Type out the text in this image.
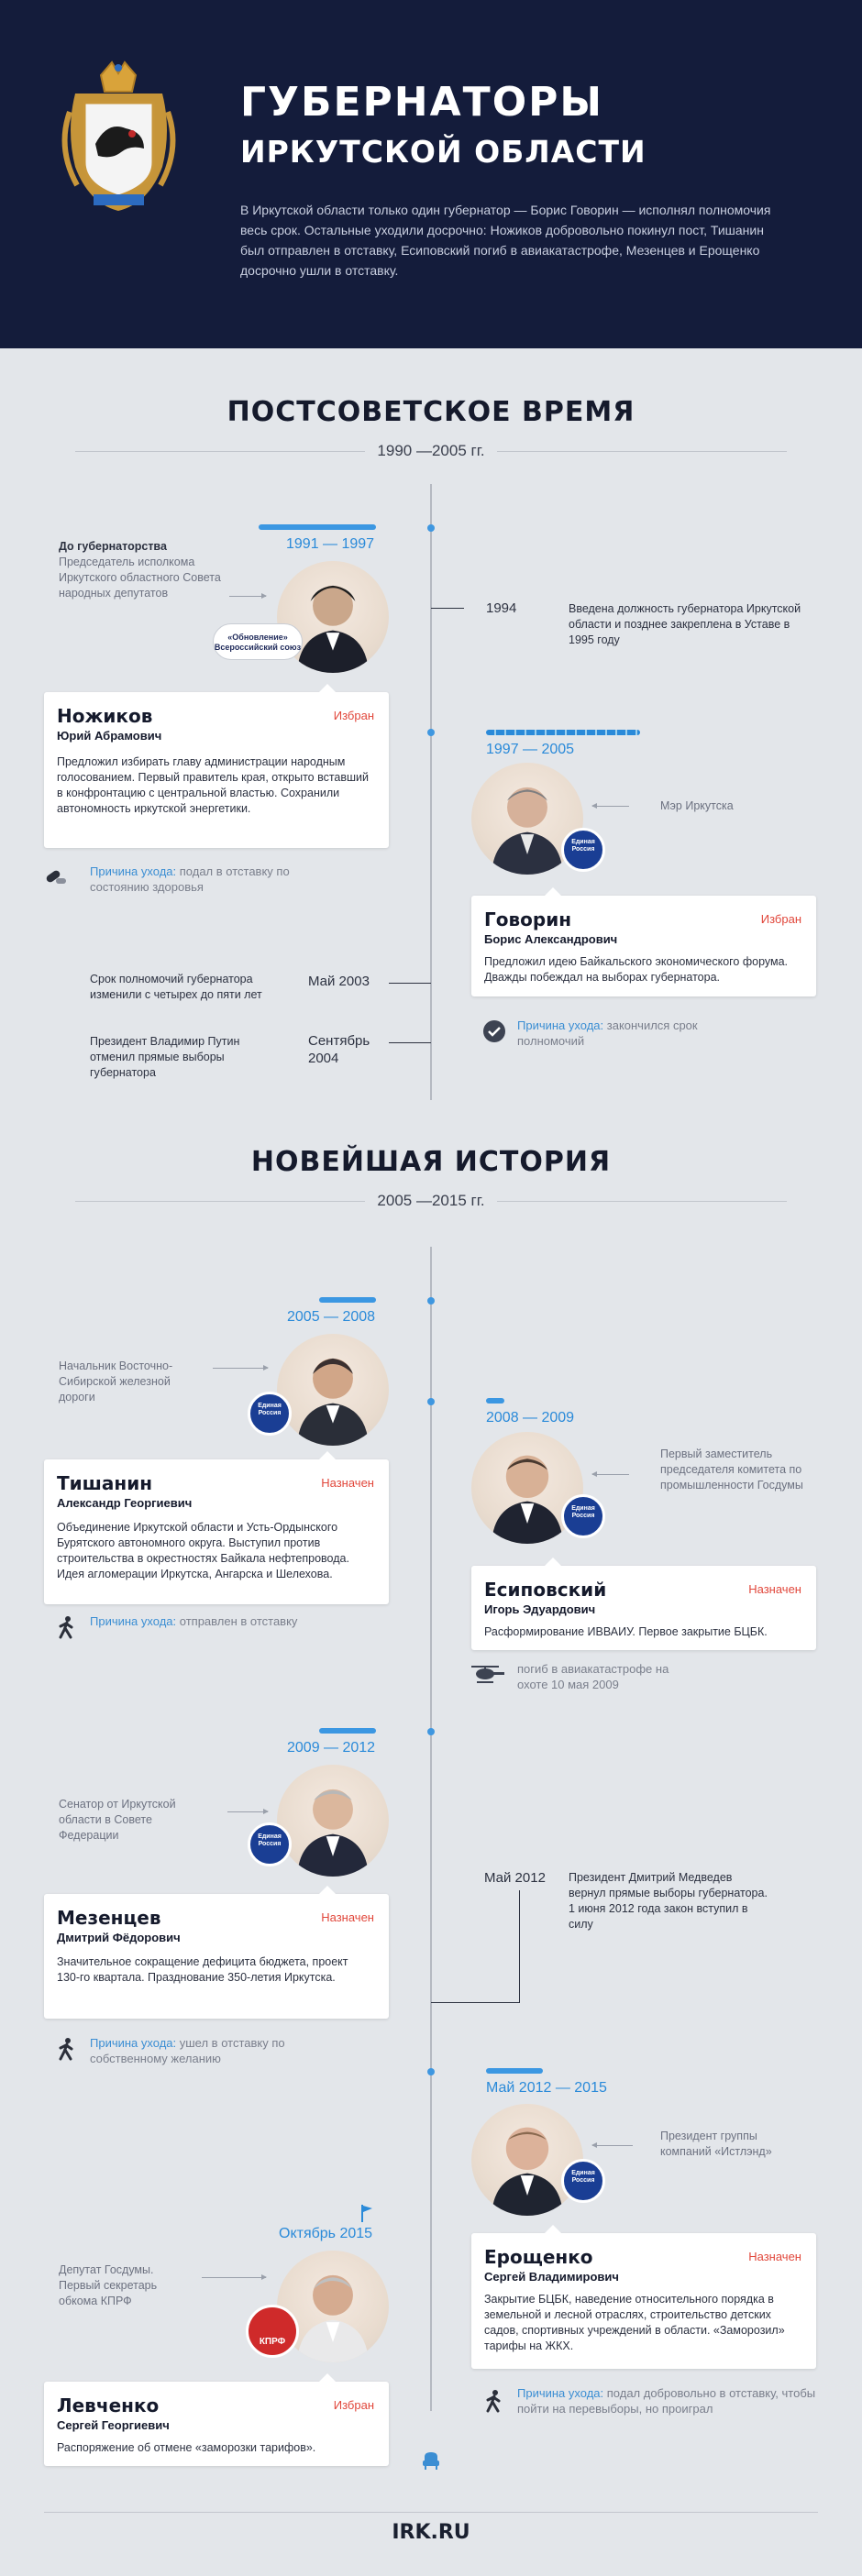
ГУБЕРНАТОРЫ
ИРКУТСКОЙ ОБЛАСТИ
В Иркутской области только один губернатор — Борис Говорин — исполнял полномочия весь срок. Остальные уходили досрочно: Ножиков добровольно покинул пост, Тишанин был отправлен в отставку, Есиповский погиб в авиакатастрофе, Мезенцев и Ерощенко досрочно ушли в отставку.
ПОСТСОВЕТСКОЕ ВРЕМЯ
1990 —2005 гг.
1994	Введена должность губернатора Иркутской области и позднее закреплена в Уставе в 1995 году
1991 — 1997
До губернаторства
Председатель исполкома Иркутского областного Совета народных депутатов
«Обновление» Всероссийский союз
Ножиков
Юрий Абрамович
Избран
Предложил избирать главу администрации народным голосованием. Первый правитель края, открыто вставший в конфронтацию с центральной властью. Сохранили автономность иркутской энергетики.
Причина ухода: подал в отставку по состоянию здоровья
1997 — 2005
Единая Россия
Мэр Иркутска
Говорин
Борис Александрович
Избран
Предложил идею Байкальского экономического форума. Дважды побеждал на выборах губернатора.
Причина ухода: закончился срок полномочий
Срок полномочий губернатора изменили с четырех до пяти лет
Май 2003
Президент Владимир Путин отменил прямые выборы губернатора
Сентябрь 2004
НОВЕЙШАЯ ИСТОРИЯ
2005 —2015 гг.
2005 — 2008
Начальник Восточно-Сибирской железной дороги
Единая Россия
Тишанин
Александр Георгиевич
Назначен
Объединение Иркутской области и Усть-Ордынского Бурятского автономного округа. Выступил против строительства в окрестностях Байкала нефтепровода. Идея агломерации Иркутска, Ангарска и Шелехова.
Причина ухода: отправлен в отставку
2008 — 2009
Единая Россия
Первый заместитель председателя комитета по промышленности Госдумы
Есиповский
Игорь Эдуардович
Назначен
Расформирование ИВВАИУ. Первое закрытие БЦБК.
погиб в авиакатастрофе на охоте 10 мая 2009
2009 — 2012
Сенатор от Иркутской области в Совете Федерации	Единая Россия
Мезенцев
Дмитрий Фёдорович
Назначен
Значительное сокращение дефицита бюджета, проект 130-го квартала. Празднование 350-летия Иркутска.
Причина ухода: ушел в отставку по собственному желанию
Май 2012 Президент Дмитрий Медведев вернул прямые выборы губернатора. 1 июня 2012 года закон вступил в силу
Май 2012 — 2015
Единая Россия
Президент группы компаний «Истлэнд»
Ерощенко
Сергей Владимирович
Назначен
Закрытие БЦБК, наведение относительного порядка в земельной и лесной отраслях, строительство детских садов, спортивных учреждений в области. «Заморозил» тарифы на ЖКХ.
Причина ухода: подал добровольно в отставку, чтобы пойти на перевыборы, но проиграл
Октябрь 2015
Депутат Госдумы. Первый секретарь обкома КПРФ
КПРФ
Левченко
Сергей Георгиевич
Избран
Распоряжение об отмене «заморозки тарифов».
IRK.RU
